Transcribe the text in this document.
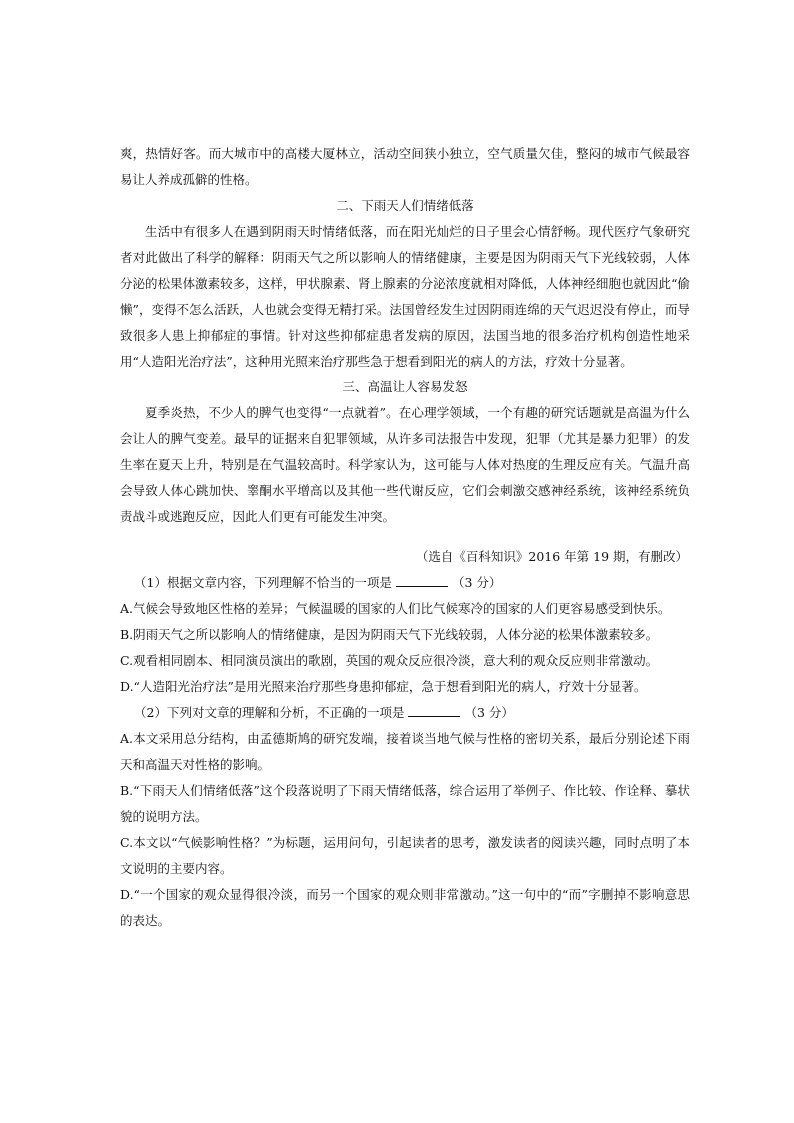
爽，热情好客。而大城市中的高楼大厦林立，活动空间狭小独立，空气质量欠佳，整闷的城市气候最容易让人养成孤僻的性格。

二、下雨天人们情绪低落

生活中有很多人在遇到阴雨天时情绪低落，而在阳光灿烂的日子里会心情舒畅。现代医疗气象研究者对此做出了科学的解释：阴雨天气之所以影响人的情绪健康，主要是因为阴雨天气下光线较弱，人体分泌的松果体激素较多，这样，甲状腺素、肾上腺素的分泌浓度就相对降低，人体神经细胞也就因此“偷懒”，变得不怎么活跃，人也就会变得无精打采。法国曾经发生过因阴雨连绵的天气迟迟没有停止，而导致很多人患上抑郁症的事情。针对这些抑郁症患者发病的原因，法国当地的很多治疗机构创造性地采用“人造阳光治疗法”，这种用光照来治疗那些急于想看到阳光的病人的方法，疗效十分显著。

三、高温让人容易发怒

夏季炎热，不少人的脾气也变得“一点就着”。在心理学领域，一个有趣的研究话题就是高温为什么会让人的脾气变差。最早的证据来自犯罪领域，从许多司法报告中发现，犯罪（尤其是暴力犯罪）的发生率在夏天上升，特别是在气温较高时。科学家认为，这可能与人体对热度的生理反应有关。气温升高会导致人体心跳加快、睾酮水平增高以及其他一些代谢反应，它们会刺激交感神经系统，该神经系统负责战斗或逃跑反应，因此人们更有可能发生冲突。

（选自《百科知识》2016 年第 19 期，有删改）

（1）根据文章内容，下列理解不恰当的一项是	（3 分）

A.气候会导致地区性格的差异；气候温暖的国家的人们比气候寒冷的国家的人们更容易感受到快乐。

B.阴雨天气之所以影响人的情绪健康，是因为阴雨天气下光线较弱，人体分泌的松果体激素较多。

C.观看相同剧本、相同演员演出的歌剧，英国的观众反应很冷淡，意大利的观众反应则非常激动。

D.“人造阳光治疗法”是用光照来治疗那些身患抑郁症，急于想看到阳光的病人，疗效十分显著。

（2）下列对文章的理解和分析，不正确的一项是	（3 分）

A.本文采用总分结构，由孟德斯鸠的研究发端，接着谈当地气候与性格的密切关系，最后分别论述下雨天和高温天对性格的影响。

B.“下雨天人们情绪低落”这个段落说明了下雨天情绪低落，综合运用了举例子、作比较、作诠释、摹状貌的说明方法。

C.本文以“气候影响性格？”为标题，运用问句，引起读者的思考，激发读者的阅读兴趣，同时点明了本文说明的主要内容。

D.“一个国家的观众显得很冷淡，而另一个国家的观众则非常激动。”这一句中的“而”字删掉不影响意思的表达。
